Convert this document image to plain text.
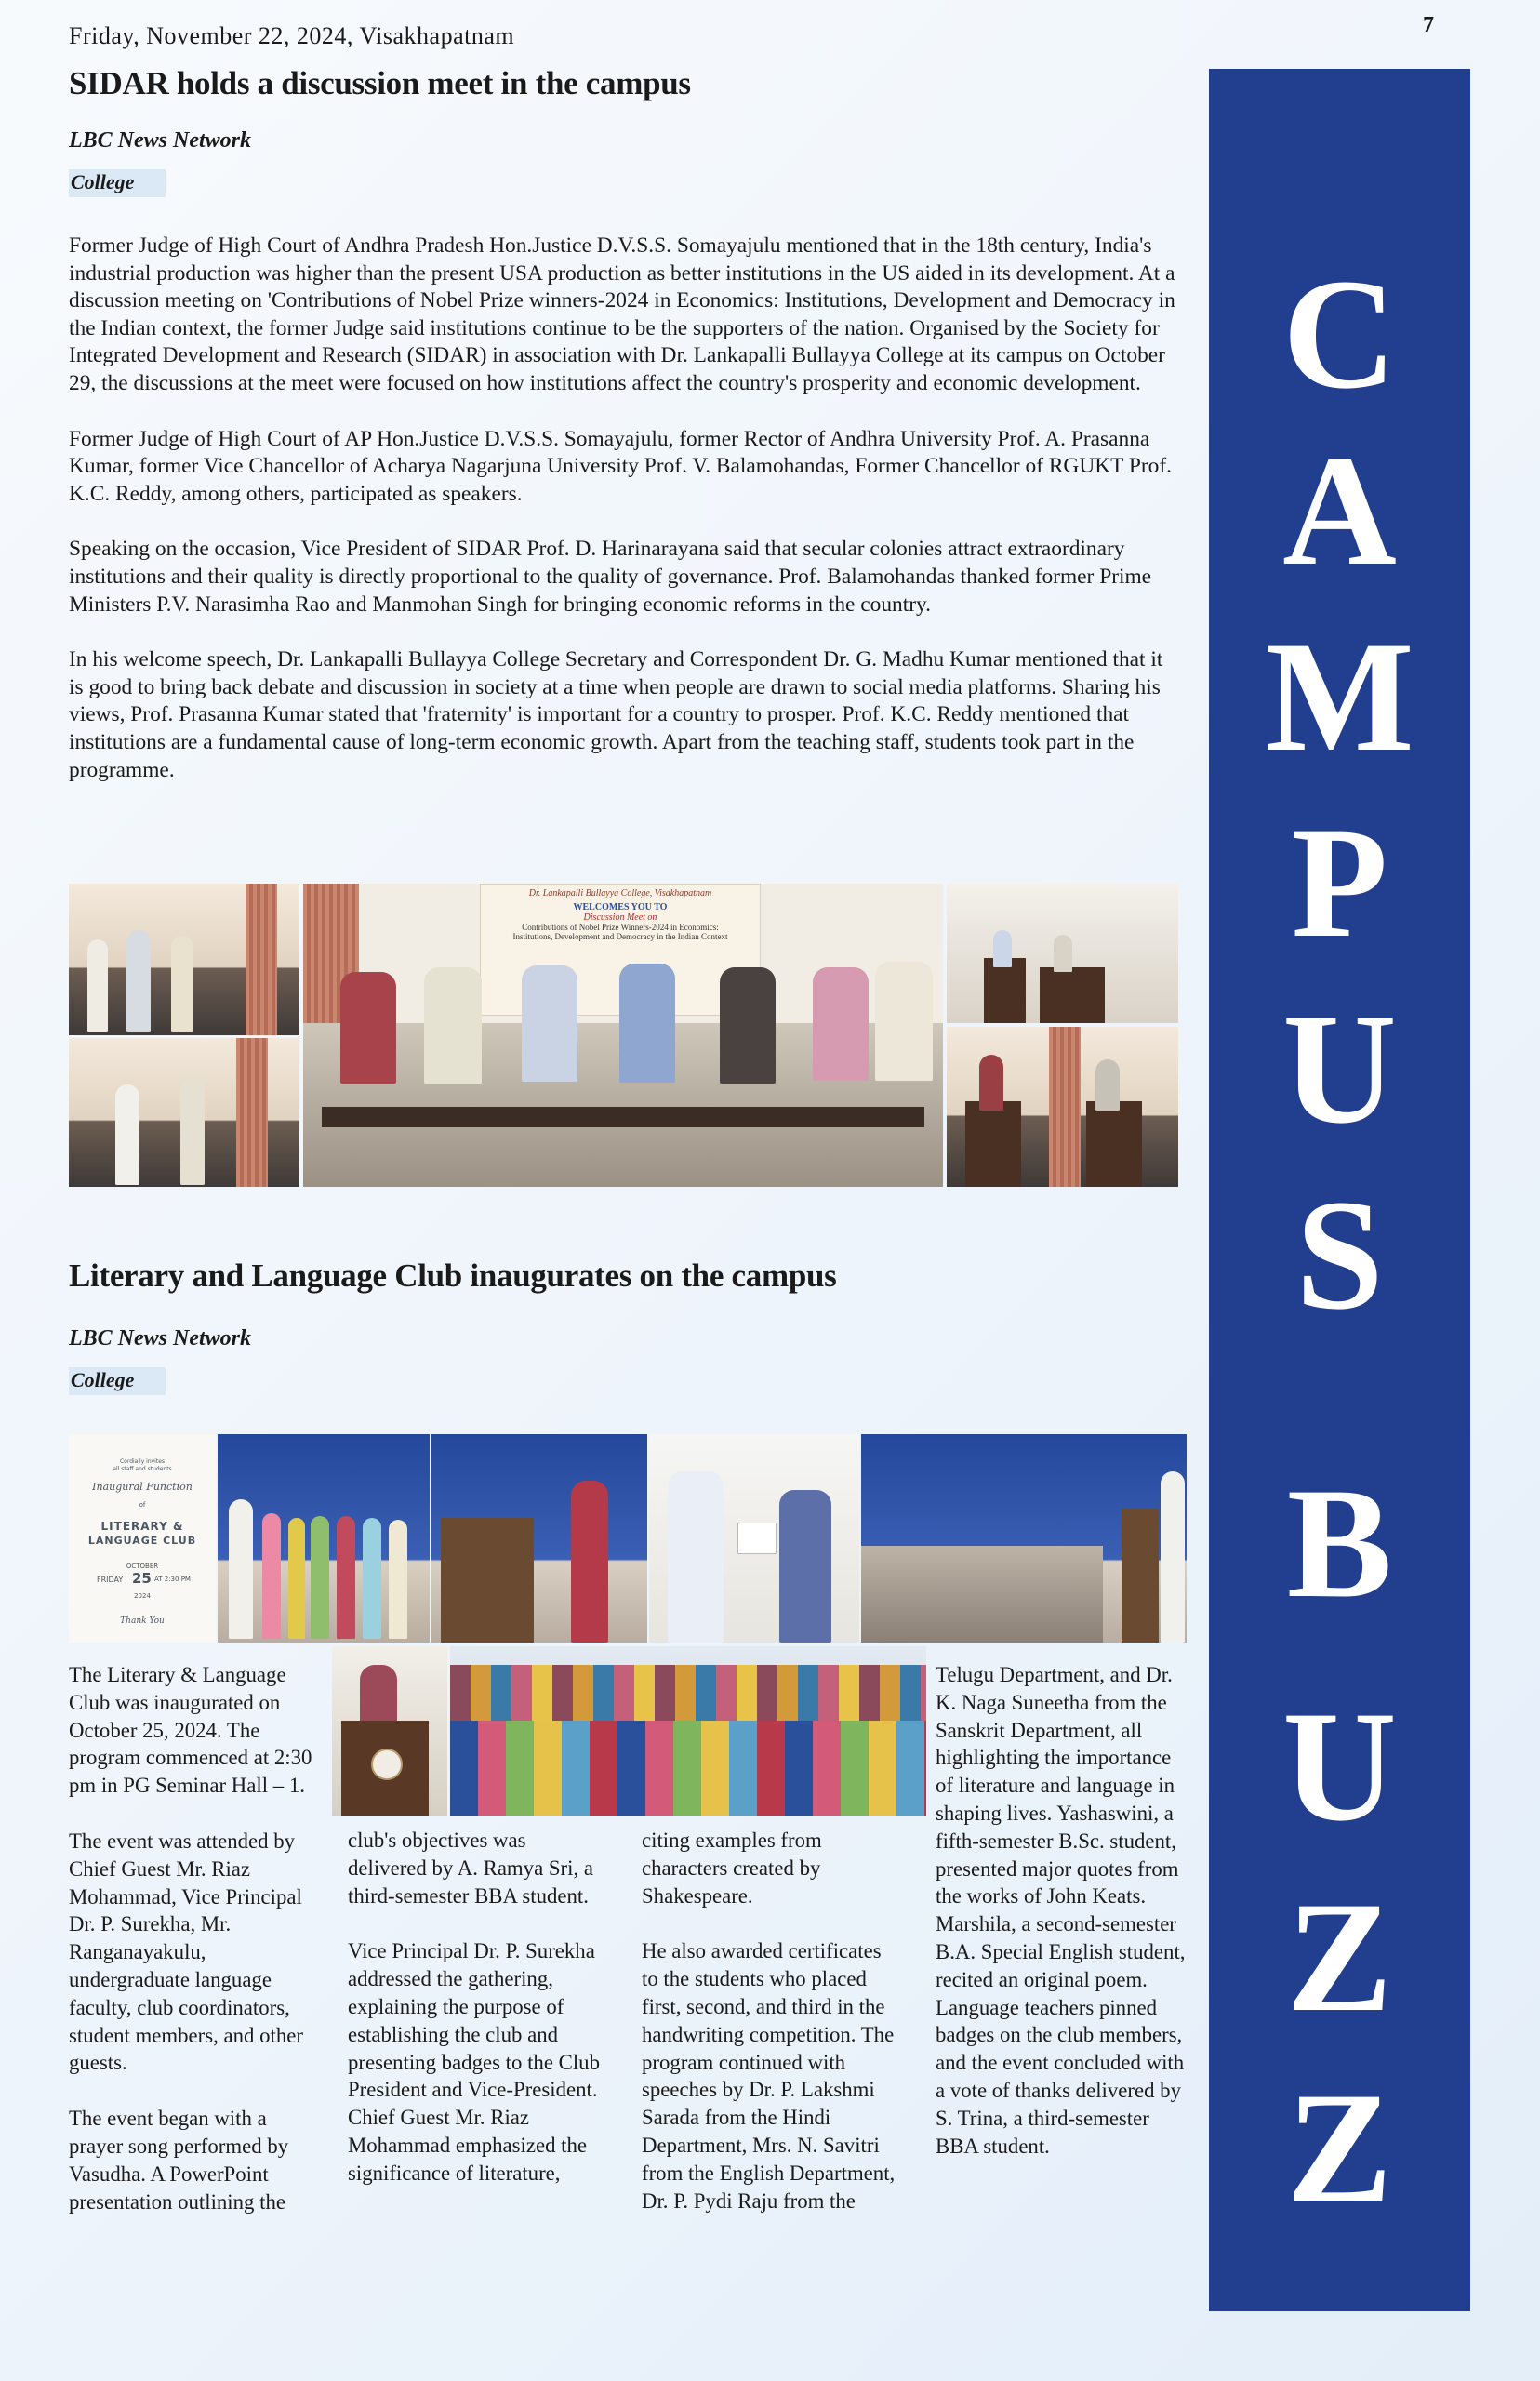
Friday, November 22, 2024, Visakhapatnam	7
C
A
M
P
U
S
B
U
Z
Z
SIDAR holds a discussion meet in the campus
LBC News Network
College

Former Judge of High Court of Andhra Pradesh Hon.Justice D.V.S.S. Somayajulu mentioned that in the 18th century, India's industrial production was higher than the present USA production as better institutions in the US aided in its development. At a discussion meeting on 'Contributions of Nobel Prize winners-2024 in Economics: Institutions, Development and Democracy in the Indian context, the former Judge said institutions continue to be the supporters of the nation. Organised by the Society for Integrated Development and Research (SIDAR) in association with Dr. Lankapalli Bullayya College at its campus on October 29, the discussions at the meet were focused on how institutions affect the country's prosperity and economic development.

Former Judge of High Court of AP Hon.Justice D.V.S.S. Somayajulu, former Rector of Andhra University Prof. A. Prasanna Kumar, former Vice Chancellor of Acharya Nagarjuna University Prof. V. Balamohandas, Former Chancellor of RGUKT Prof. K.C. Reddy, among others, participated as speakers.

Speaking on the occasion, Vice President of SIDAR Prof. D. Harinarayana said that secular colonies attract extraordinary institutions and their quality is directly proportional to the quality of governance. Prof. Balamohandas thanked former Prime Ministers P.V. Narasimha Rao and Manmohan Singh for bringing economic reforms in the country.

In his welcome speech, Dr. Lankapalli Bullayya College Secretary and Correspondent Dr. G. Madhu Kumar mentioned that it is good to bring back debate and discussion in society at a time when people are drawn to social media platforms. Sharing his views, Prof. Prasanna Kumar stated that 'fraternity' is important for a country to prosper. Prof. K.C. Reddy mentioned that institutions are a fundamental cause of long-term economic growth. Apart from the teaching staff, students took part in the programme.

Dr. Lankapalli Bullayya College, Visakhapatnam
WELCOMES YOU TO
Discussion Meet on
Contributions of Nobel Prize Winners-2024 in Economics:
Institutions, Development and Democracy in the Indian Context
Literary and Language Club inaugurates on the campus
LBC News Network
College
Cordially invites
all staff and students
Inaugural Function
of
LITERARY &
LANGUAGE CLUB
OCTOBER
FRIDAY 25 AT 2:30 PM
2024
Thank You

The Literary & Language Club was inaugurated on October 25, 2024. The program commenced at 2:30 pm in PG Seminar Hall – 1.

The event was attended by Chief Guest Mr. Riaz Mohammad, Vice Principal Dr. P. Surekha, Mr. Ranganayakulu, undergraduate language faculty, club coordinators, student members, and other guests.

The event began with a prayer song performed by Vasudha. A PowerPoint presentation outlining the

club's objectives was delivered by A. Ramya Sri, a third-semester BBA student.

Vice Principal Dr. P. Surekha addressed the gathering, explaining the purpose of establishing the club and presenting badges to the Club President and Vice-President. Chief Guest Mr. Riaz Mohammad emphasized the significance of literature,

citing examples from characters created by Shakespeare.

He also awarded certificates to the students who placed first, second, and third in the handwriting competition. The program continued with speeches by Dr. P. Lakshmi Sarada from the Hindi Department, Mrs. N. Savitri from the English Department, Dr. P. Pydi Raju from the

Telugu Department, and Dr. K. Naga Suneetha from the Sanskrit Department, all highlighting the importance of literature and language in shaping lives. Yashaswini, a fifth-semester B.Sc. student, presented major quotes from the works of John Keats. Marshila, a second-semester B.A. Special English student, recited an original poem. Language teachers pinned badges on the club members, and the event concluded with a vote of thanks delivered by S. Trina, a third-semester BBA student.
